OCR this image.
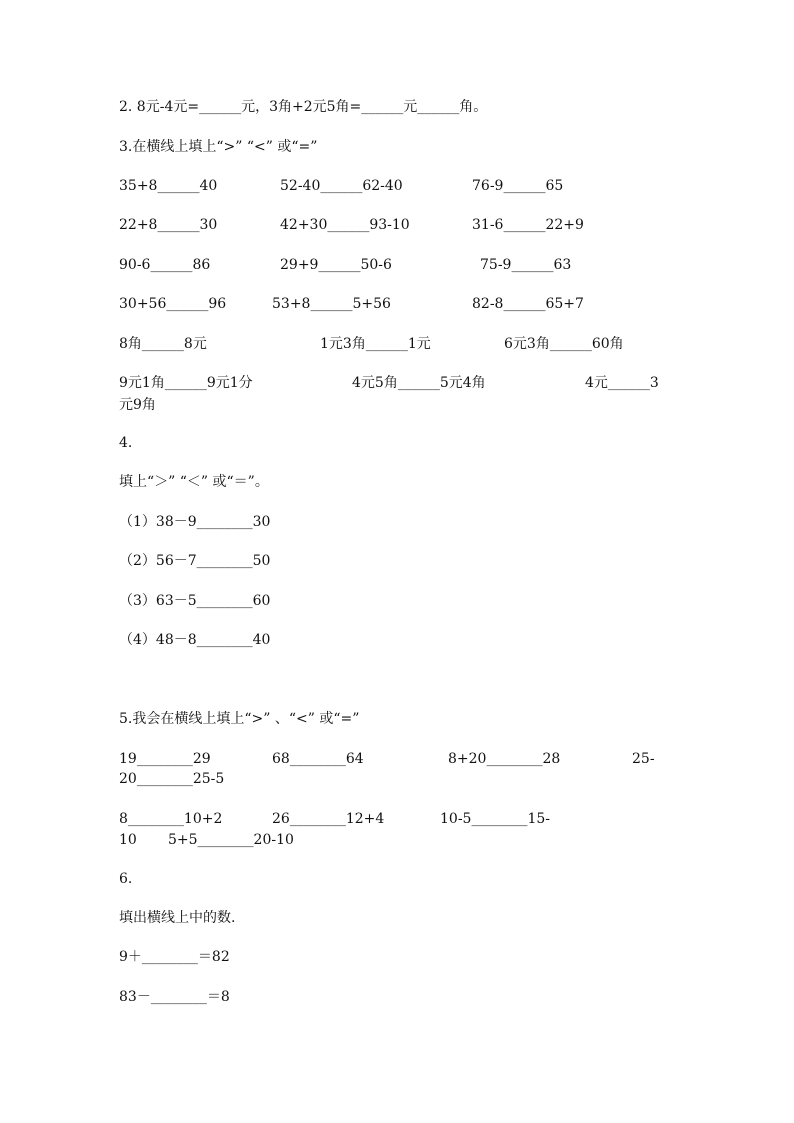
2. 8元-4元=______元，3角+2元5角=______元______角。
3.在横线上填上“>” “<” 或“=”
35+8______40	52-40______62-40	76-9______65
22+8______30	42+30______93-10	31-6______22+9
90-6______86	29+9______50-6	75-9______63
30+56______96	53+8______5+56	82-8______65+7
8角______8元	1元3角______1元	6元3角______60角
9元1角______9元1分	4元5角______5元4角	4元______3
元9角
4.
填上“＞” “＜” 或“＝”。
（1）38－9________30
（2）56－7________50
（3）63－5________60
（4）48－8________40
5.我会在横线上填上“>” 、“<” 或“=”
19________29	68________64	8+20________28	25-
20________25-5
8________10+2	26________12+4	10-5________15-
10 5+5________20-10
6.
填出横线上中的数.
9＋________＝82
83－________＝8
